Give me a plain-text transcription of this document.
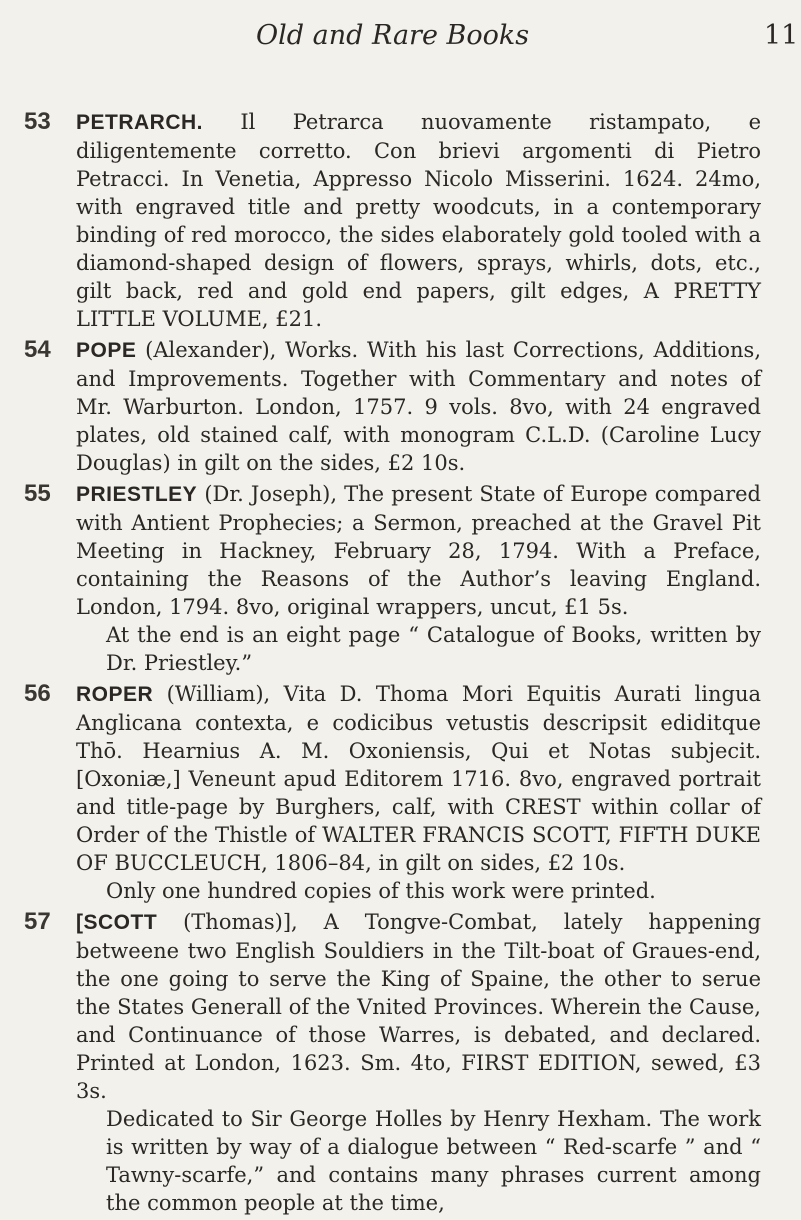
Old and Rare Books	11
53 PETRARCH. Il Petrarca nuovamente ristampato, e diligentemente corretto. Con brievi argomenti di Pietro Petracci. In Venetia, Appresso Nicolo Misserini. 1624. 24mo, with engraved title and pretty woodcuts, in a contemporary binding of red morocco, the sides elaborately gold tooled with a diamond-shaped design of flowers, sprays, whirls, dots, etc., gilt back, red and gold end papers, gilt edges, A PRETTY LITTLE VOLUME, £21.

54 POPE (Alexander), Works. With his last Corrections, Additions, and Improvements. Together with Commentary and notes of Mr. Warburton. London, 1757. 9 vols. 8vo, with 24 engraved plates, old stained calf, with monogram C.L.D. (Caroline Lucy Douglas) in gilt on the sides, £2 10s.

55 PRIESTLEY (Dr. Joseph), The present State of Europe compared with Antient Prophecies; a Sermon, preached at the Gravel Pit Meeting in Hackney, February 28, 1794. With a Preface, containing the Reasons of the Author’s leaving England. London, 1794. 8vo, original wrappers, uncut, £1 5s.

At the end is an eight page “ Catalogue of Books, written by Dr. Priestley.”

56 ROPER (William), Vita D. Thoma Mori Equitis Aurati lingua Anglicana contexta, e codicibus vetustis descripsit ediditque Thō. Hearnius A. M. Oxoniensis, Qui et Notas subjecit. [Oxoniæ,] Veneunt apud Editorem 1716. 8vo, engraved portrait and title-page by Burghers, calf, with CREST within collar of Order of the Thistle of WALTER FRANCIS SCOTT, FIFTH DUKE OF BUCCLEUCH, 1806–84, in gilt on sides, £2 10s.

Only one hundred copies of this work were printed.

57 [SCOTT (Thomas)], A Tongve-Combat, lately happening betweene two English Souldiers in the Tilt-boat of Graues-end, the one going to serve the King of Spaine, the other to serue the States Generall of the Vnited Provinces. Wherein the Cause, and Continuance of those Warres, is debated, and declared. Printed at London, 1623. Sm. 4to, FIRST EDITION, sewed, £3 3s.

Dedicated to Sir George Holles by Henry Hexham. The work is written by way of a dialogue between “ Red-scarfe ” and “ Tawny-scarfe,” and contains many phrases current among the common people at the time,
